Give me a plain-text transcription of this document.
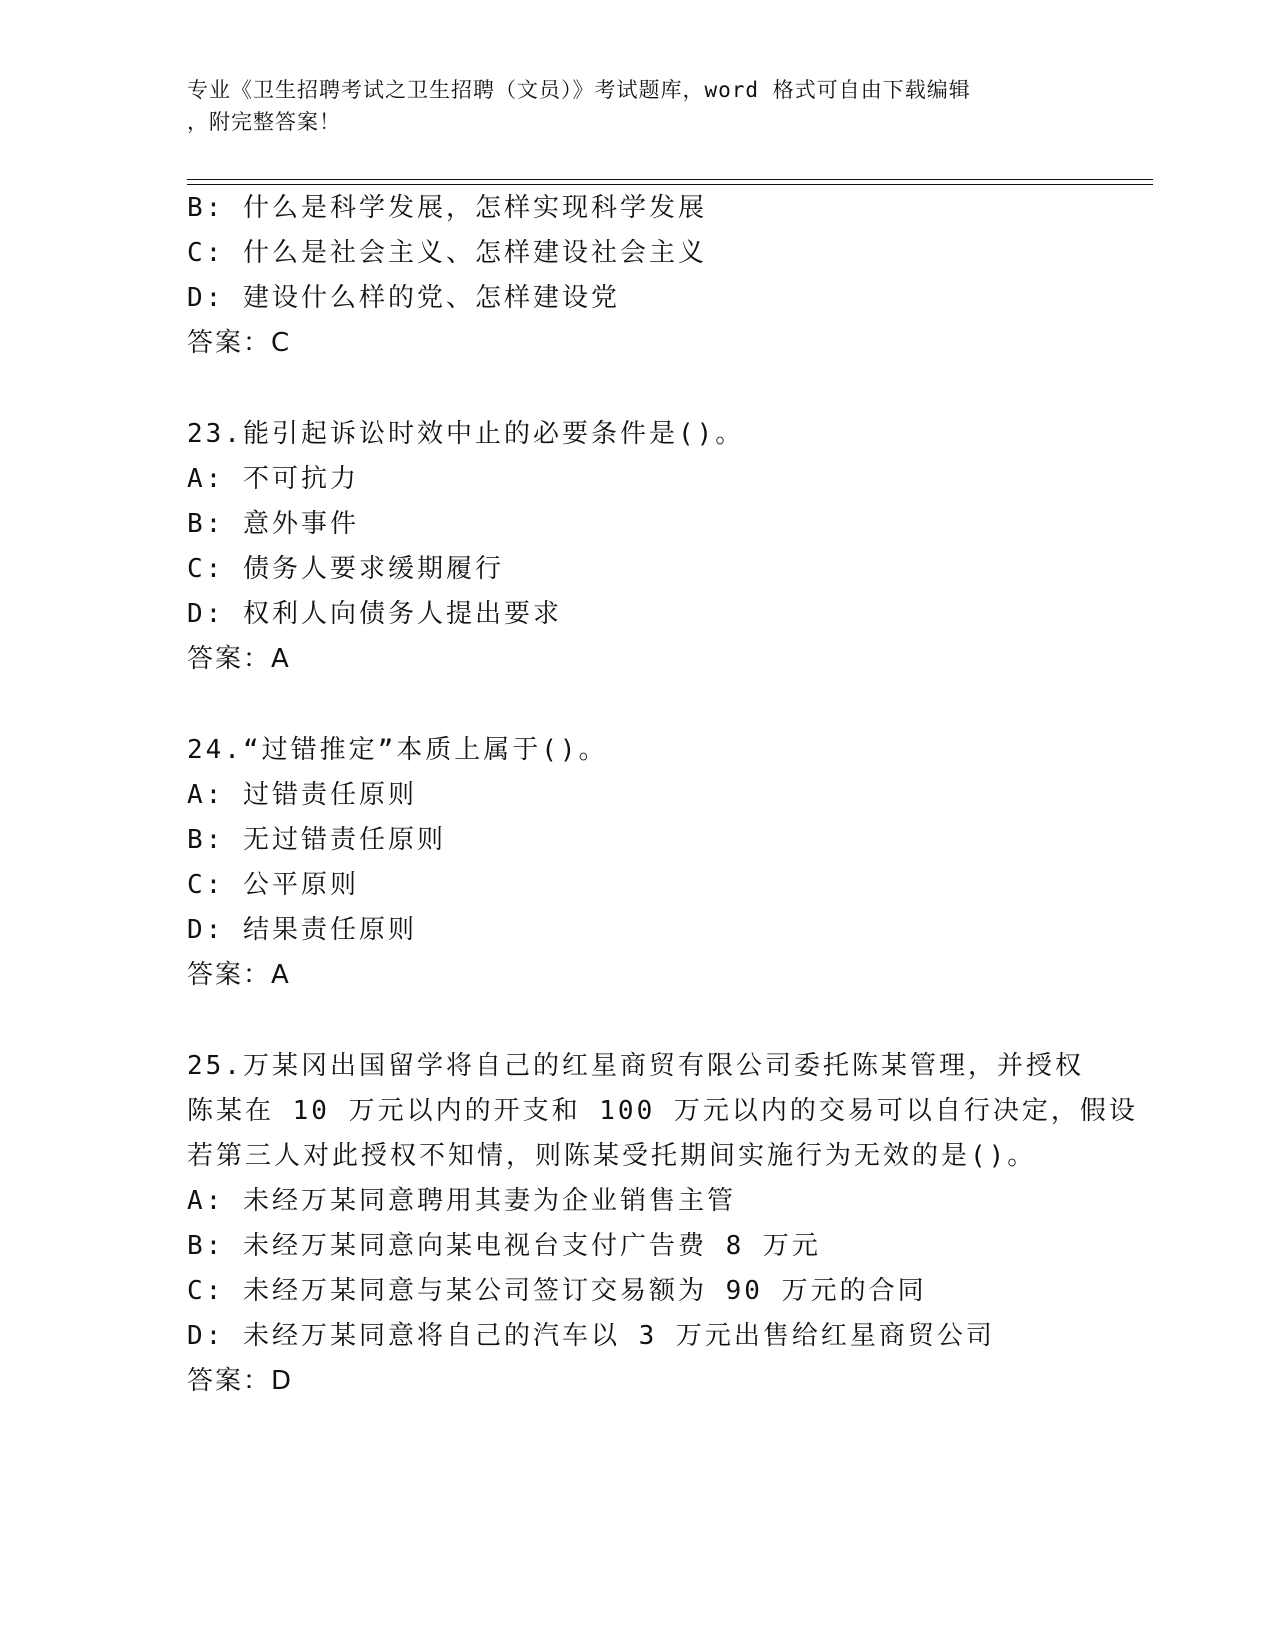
专业《卫生招聘考试之卫生招聘（文员）》考试题库，word 格式可自由下载编辑
，附完整答案！
B: 什么是科学发展，怎样实现科学发展
C: 什么是社会主义、怎样建设社会主义
D: 建设什么样的党、怎样建设党
答案：C
23.能引起诉讼时效中止的必要条件是()。
A: 不可抗力
B: 意外事件
C: 债务人要求缓期履行
D: 权利人向债务人提出要求
答案：A
24.“过错推定”本质上属于()。
A: 过错责任原则
B: 无过错责任原则
C: 公平原则
D: 结果责任原则
答案：A
25.万某冈出国留学将自己的红星商贸有限公司委托陈某管理，并授权
陈某在 10 万元以内的开支和 100 万元以内的交易可以自行决定，假设
若第三人对此授权不知情，则陈某受托期间实施行为无效的是()。
A: 未经万某同意聘用其妻为企业销售主管
B: 未经万某同意向某电视台支付广告费 8 万元
C: 未经万某同意与某公司签订交易额为 90 万元的合同
D: 未经万某同意将自己的汽车以 3 万元出售给红星商贸公司
答案：D
